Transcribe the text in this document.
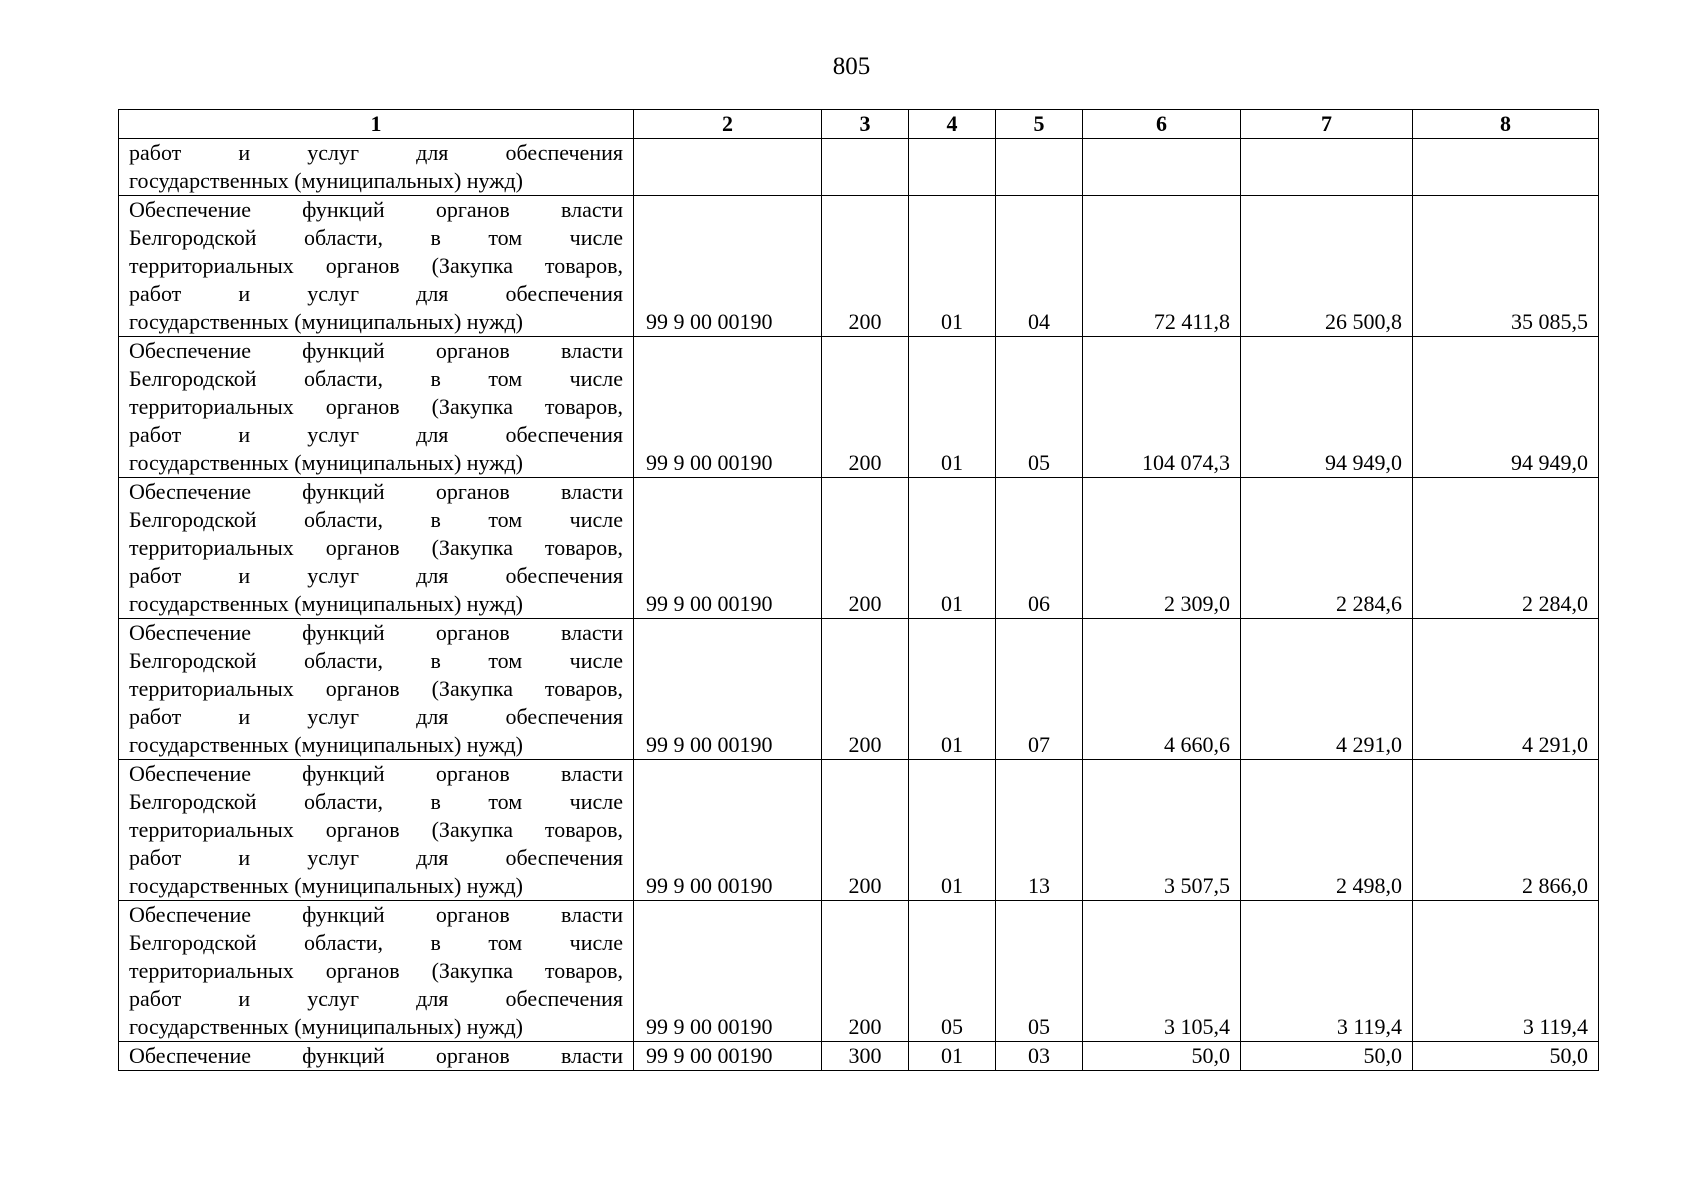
805
1	2	3	4	5	6	7	8

работ и услуг для обеспечения
государственных (муниципальных) нужд)							

Обеспечение функций органов власти
Белгородской области, в том числе
территориальных органов (Закупка товаров,
работ и услуг для обеспечения
государственных (муниципальных) нужд)	99 9 00 00190	200	01	04	72 411,8	26 500,8	35 085,5

Обеспечение функций органов власти
Белгородской области, в том числе
территориальных органов (Закупка товаров,
работ и услуг для обеспечения
государственных (муниципальных) нужд)	99 9 00 00190	200	01	05	104 074,3	94 949,0	94 949,0

Обеспечение функций органов власти
Белгородской области, в том числе
территориальных органов (Закупка товаров,
работ и услуг для обеспечения
государственных (муниципальных) нужд)	99 9 00 00190	200	01	06	2 309,0	2 284,6	2 284,0

Обеспечение функций органов власти
Белгородской области, в том числе
территориальных органов (Закупка товаров,
работ и услуг для обеспечения
государственных (муниципальных) нужд)	99 9 00 00190	200	01	07	4 660,6	4 291,0	4 291,0

Обеспечение функций органов власти
Белгородской области, в том числе
территориальных органов (Закупка товаров,
работ и услуг для обеспечения
государственных (муниципальных) нужд)	99 9 00 00190	200	01	13	3 507,5	2 498,0	2 866,0

Обеспечение функций органов власти
Белгородской области, в том числе
территориальных органов (Закупка товаров,
работ и услуг для обеспечения
государственных (муниципальных) нужд)	99 9 00 00190	200	05	05	3 105,4	3 119,4	3 119,4

Обеспечение функций органов власти	99 9 00 00190	300	01	03	50,0	50,0	50,0
